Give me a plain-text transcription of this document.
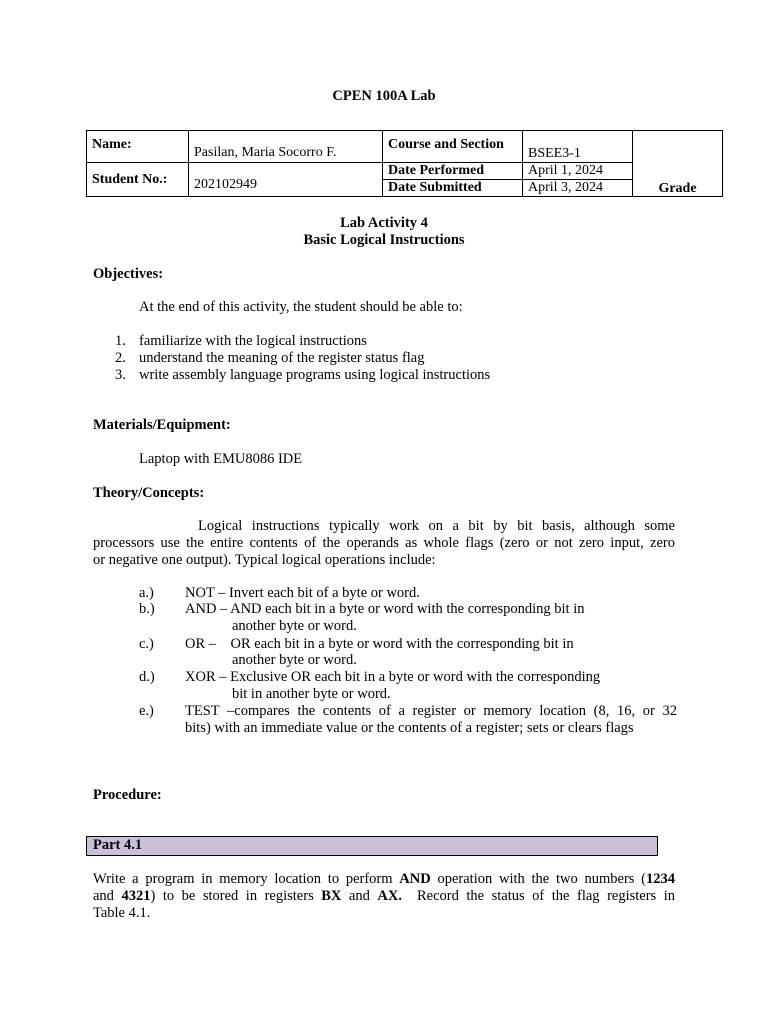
CPEN 100A Lab
Name:	Pasilan, Maria Socorro F.	Course and Section	BSEE3-1	Grade
Student No.:	202102949	Date Performed	April 1, 2024	
		Date Submitted	April 3, 2024	
Lab Activity 4
Basic Logical Instructions
Objectives:
At the end of this activity, the student should be able to:
1. familiarize with the logical instructions
2. understand the meaning of the register status flag
3. write assembly language programs using logical instructions
Materials/Equipment:
Laptop with EMU8086 IDE
Theory/Concepts:
Logical instructions typically work on a bit by bit basis, although some
processors use the entire contents of the operands as whole flags (zero or not zero input, zero
or negative one output). Typical logical operations include:
a.) NOT – Invert each bit of a byte or word.
b.) AND – AND each bit in a byte or word with the corresponding bit in
another byte or word.
c.) OR –    OR each bit in a byte or word with the corresponding bit in
another byte or word.
d.) XOR – Exclusive OR each bit in a byte or word with the corresponding
bit in another byte or word.
e.) TEST –compares the contents of a register or memory location (8, 16, or 32
bits) with an immediate value or the contents of a register; sets or clears flags
Procedure:
Part 4.1
Write a program in memory location to perform AND operation with the two numbers (1234
and 4321) to be stored in registers BX and AX.  Record the status of the flag registers in
Table 4.1.
